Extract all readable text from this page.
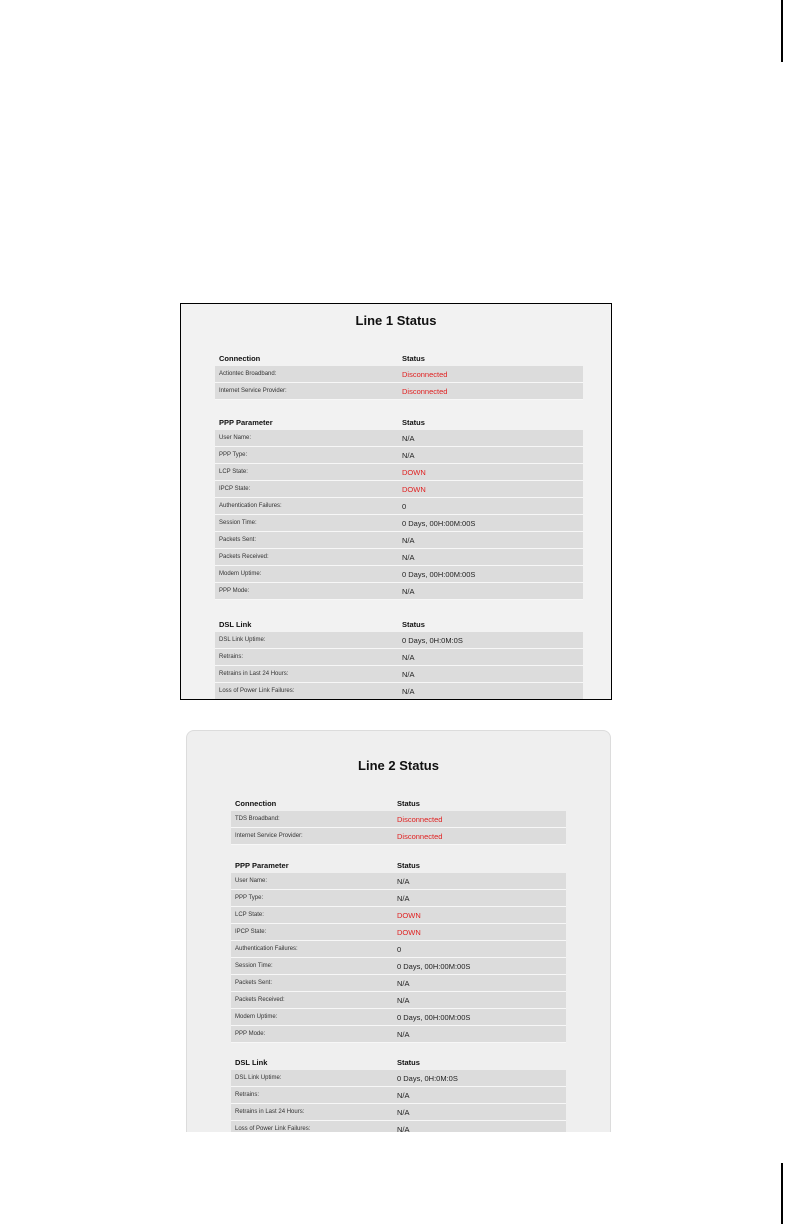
Line 1 Status
Connection	Status
Actiontec Broadband:	Disconnected
Internet Service Provider:	Disconnected
PPP Parameter	Status
User Name:	N/A
PPP Type:	N/A
LCP State:	DOWN
IPCP State:	DOWN
Authentication Failures:	0
Session Time:	0 Days, 00H:00M:00S
Packets Sent:	N/A
Packets Received:	N/A
Modem Uptime:	0 Days, 00H:00M:00S
PPP Mode:	N/A
DSL Link	Status
DSL Link Uptime:	0 Days, 0H:0M:0S
Retrains:	N/A
Retrains in Last 24 Hours:	N/A
Loss of Power Link Failures:	N/A
Line 2 Status
Connection	Status
TDS Broadband:	Disconnected
Internet Service Provider:	Disconnected
PPP Parameter	Status
User Name:	N/A
PPP Type:	N/A
LCP State:	DOWN
IPCP State:	DOWN
Authentication Failures:	0
Session Time:	0 Days, 00H:00M:00S
Packets Sent:	N/A
Packets Received:	N/A
Modem Uptime:	0 Days, 00H:00M:00S
PPP Mode:	N/A
DSL Link	Status
DSL Link Uptime:	0 Days, 0H:0M:0S
Retrains:	N/A
Retrains in Last 24 Hours:	N/A
Loss of Power Link Failures:	N/A
